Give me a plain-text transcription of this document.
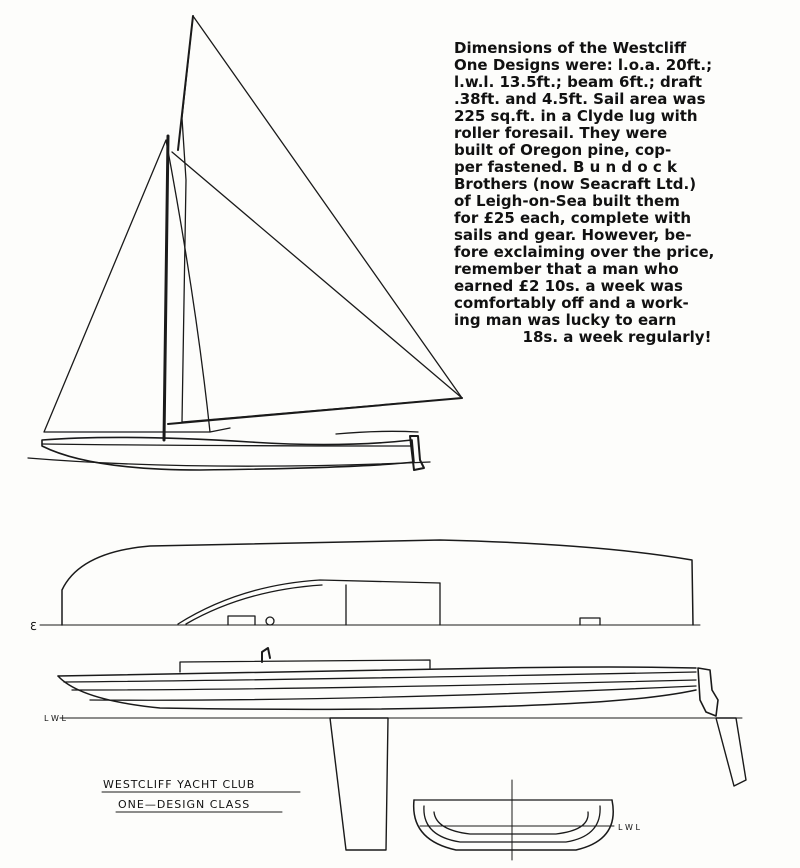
ℇ
L W L
L W L
WESTCLIFF YACHT CLUB
ONE—DESIGN CLASS
Dimensions of the Westcliff
One Designs were: l.o.a. 20ft.;
l.w.l. 13.5ft.; beam 6ft.; draft
.38ft. and 4.5ft. Sail area was
225 sq.ft. in a Clyde lug with
roller foresail. They were
built of Oregon pine, cop-
per fastened. B u n d o c k
Brothers (now Seacraft Ltd.)
of Leigh-on-Sea built them
for £25 each, complete with
sails and gear. However, be-
fore exclaiming over the price,
remember that a man who
earned £2 10s. a week was
comfortably off and a work-
ing man was lucky to earn
18s. a week regularly!
